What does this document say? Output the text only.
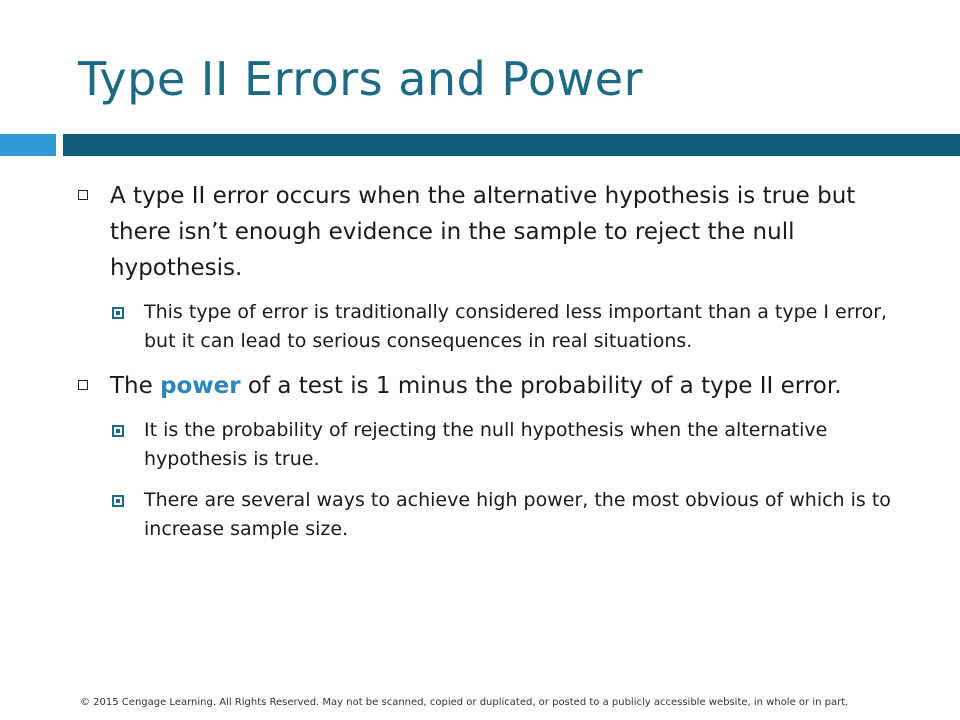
Type II Errors and Power
A type II error occurs when the alternative hypothesis is true but there isn’t enough evidence in the sample to reject the null hypothesis.
This type of error is traditionally considered less important than a type I error, but it can lead to serious consequences in real situations.
The power of a test is 1 minus the probability of a type II error.
It is the probability of rejecting the null hypothesis when the alternative hypothesis is true.
There are several ways to achieve high power, the most obvious of which is to increase sample size.
© 2015 Cengage Learning. All Rights Reserved. May not be scanned, copied or duplicated, or posted to a publicly accessible website, in whole or in part.
